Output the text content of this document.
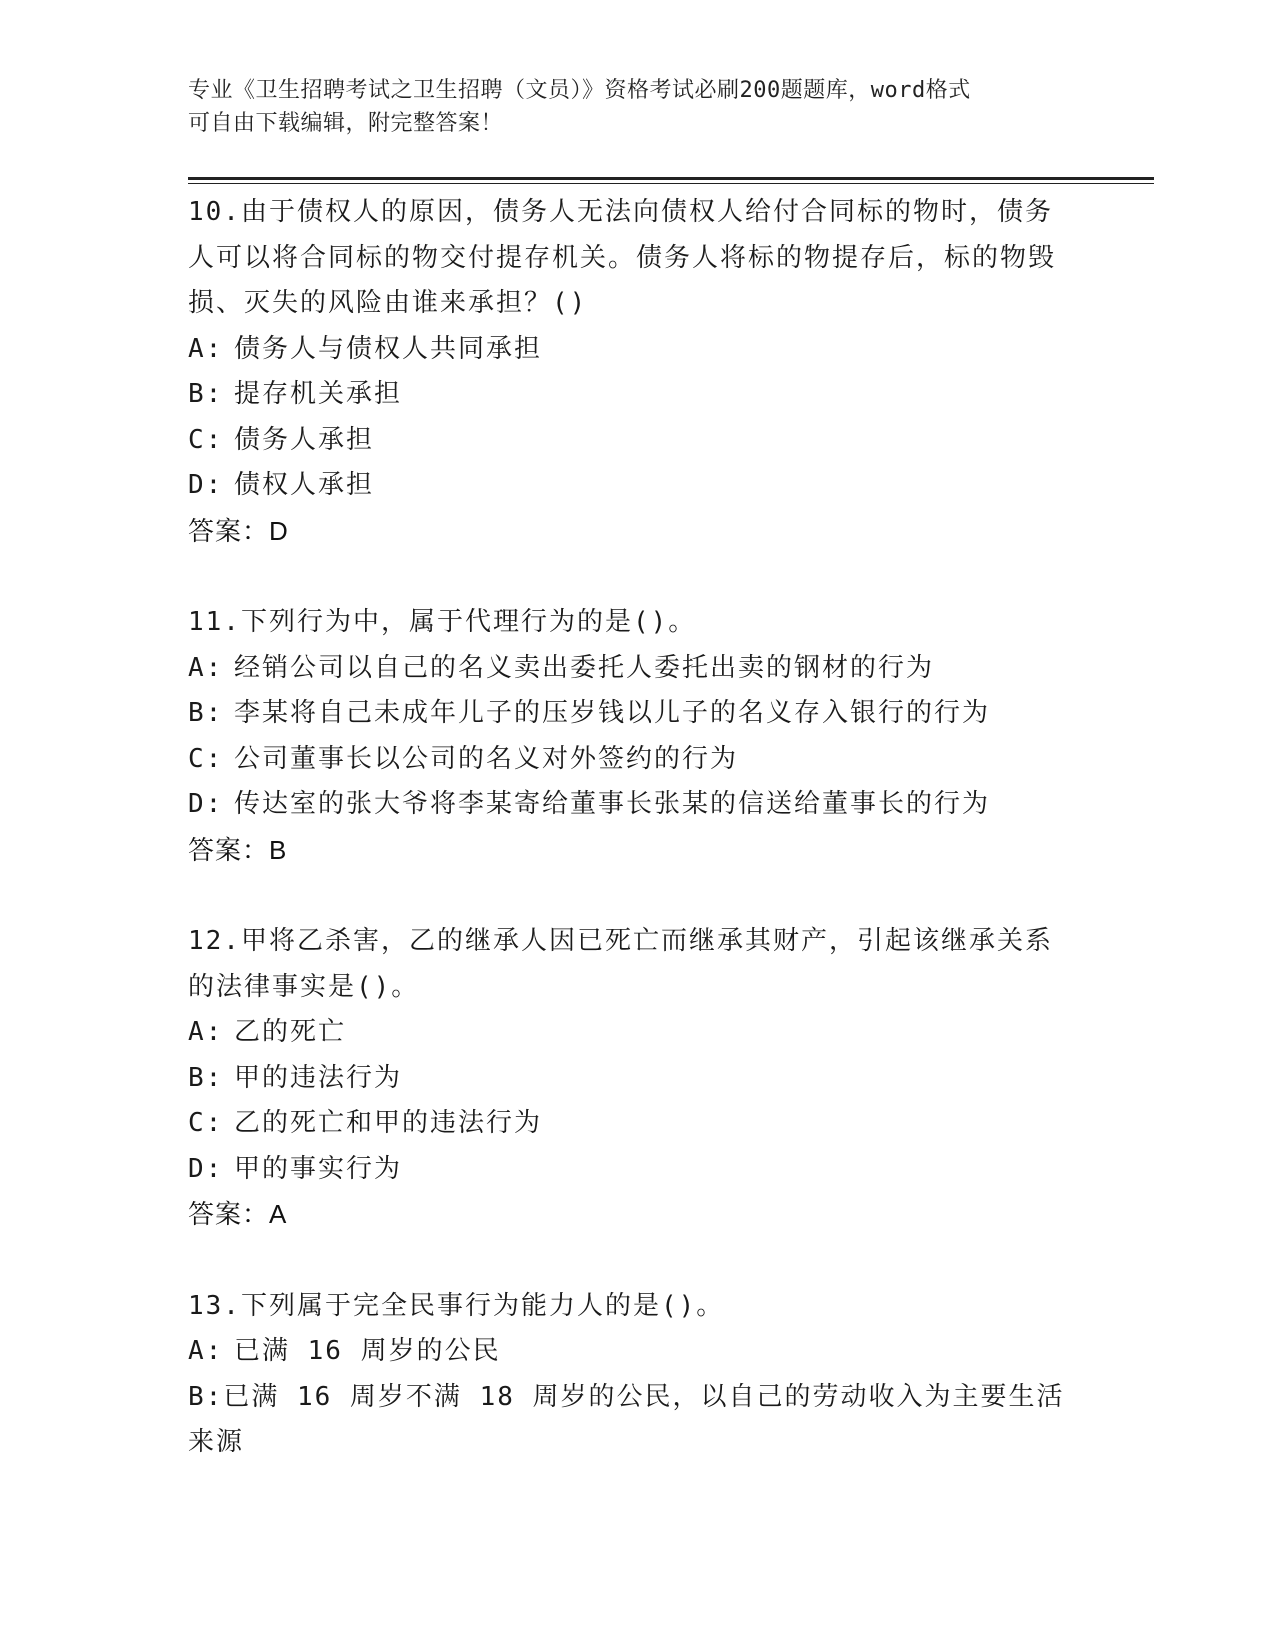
专业《卫生招聘考试之卫生招聘（文员）》资格考试必刷200题题库，word格式
可自由下载编辑，附完整答案！
10.由于债权人的原因，债务人无法向债权人给付合同标的物时，债务人可以将合同标的物交付提存机关。债务人将标的物提存后，标的物毁损、灭失的风险由谁来承担？()
A: 债务人与债权人共同承担
B: 提存机关承担
C: 债务人承担
D: 债权人承担
答案：D
11.下列行为中，属于代理行为的是()。
A: 经销公司以自己的名义卖出委托人委托出卖的钢材的行为
B: 李某将自己未成年儿子的压岁钱以儿子的名义存入银行的行为
C: 公司董事长以公司的名义对外签约的行为
D: 传达室的张大爷将李某寄给董事长张某的信送给董事长的行为
答案：B
12.甲将乙杀害，乙的继承人因已死亡而继承其财产，引起该继承关系的法律事实是()。
A: 乙的死亡
B: 甲的违法行为
C: 乙的死亡和甲的违法行为
D: 甲的事实行为
答案：A
13.下列属于完全民事行为能力人的是()。
A: 已满 16 周岁的公民
B:已满 16 周岁不满 18 周岁的公民，以自己的劳动收入为主要生活来源
